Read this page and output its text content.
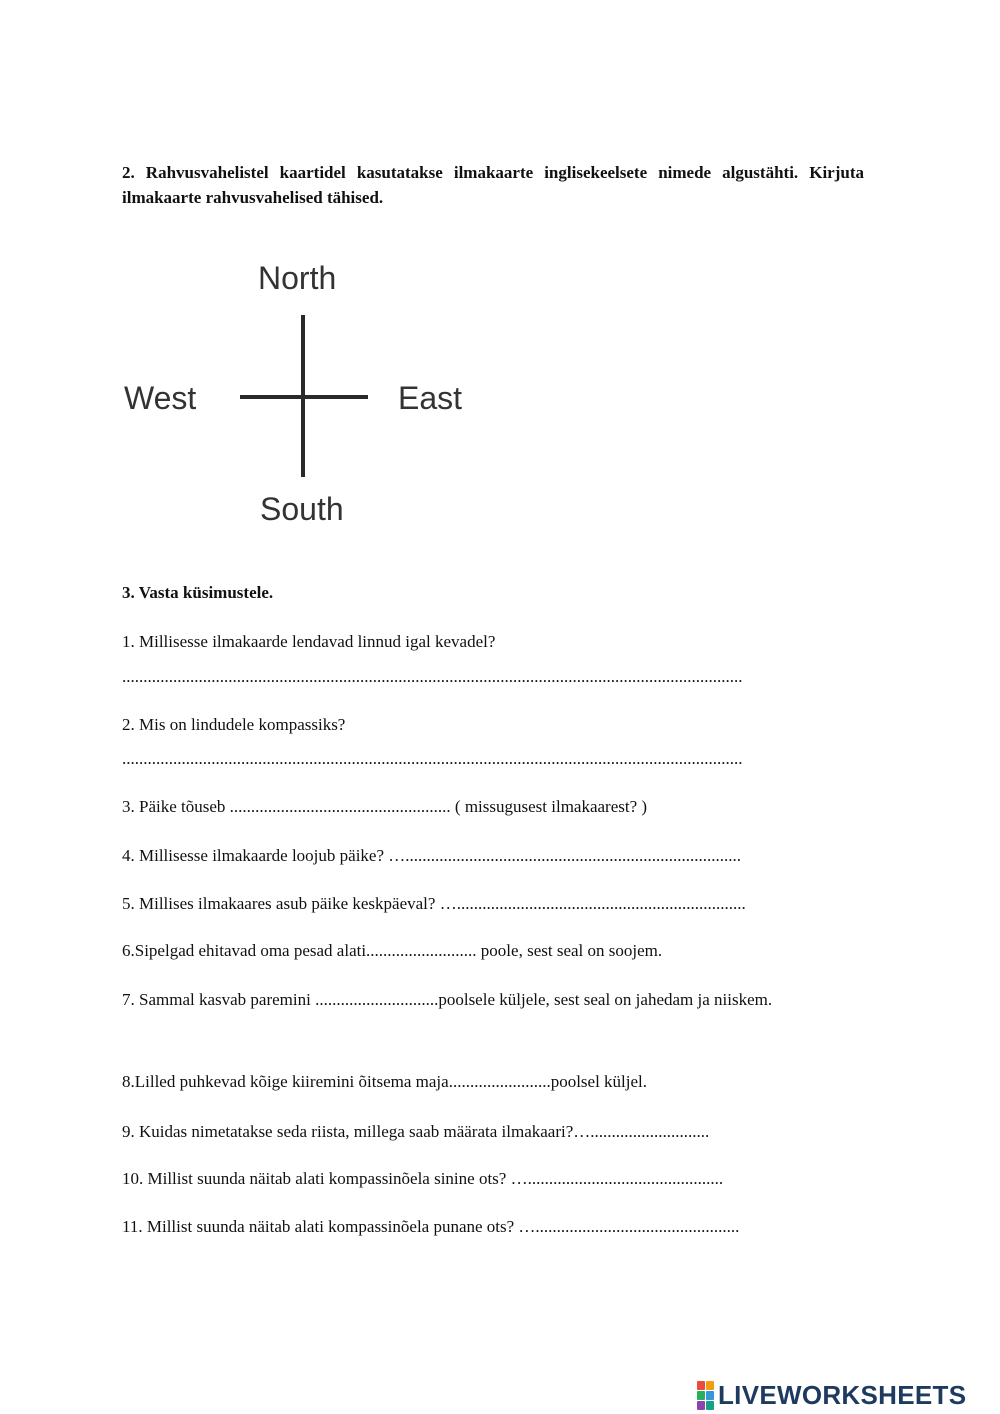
2. Rahvusvahelistel kaartidel kasutatakse ilmakaarte inglisekeelsete nimede algustähti. Kirjuta ilmakaarte rahvusvahelised tähised.
North
West	East
South
3. Vasta küsimustele.
1. Millisesse ilmakaarde lendavad linnud igal kevadel?
..................................................................................................................................................
2. Mis on lindudele kompassiks?
..................................................................................................................................................
3. Päike tõuseb .................................................... ( missugusest ilmakaarest? )
4. Millisesse ilmakaarde loojub päike? …...............................................................................
5. Millises ilmakaares asub päike keskpäeval? …....................................................................
6.Sipelgad ehitavad oma pesad alati.......................... poole, sest seal on soojem.
7. Sammal kasvab paremini .............................poolsele küljele, sest seal on jahedam ja niiskem.
8.Lilled puhkevad kõige kiiremini õitsema maja........................poolsel küljel.
9. Kuidas nimetatakse seda riista, millega saab määrata ilmakaari?…............................
10. Millist suunda näitab alati kompassinõela sinine ots? …..............................................
11. Millist suunda näitab alati kompassinõela punane ots? …................................................
LIVEWORKSHEETS
